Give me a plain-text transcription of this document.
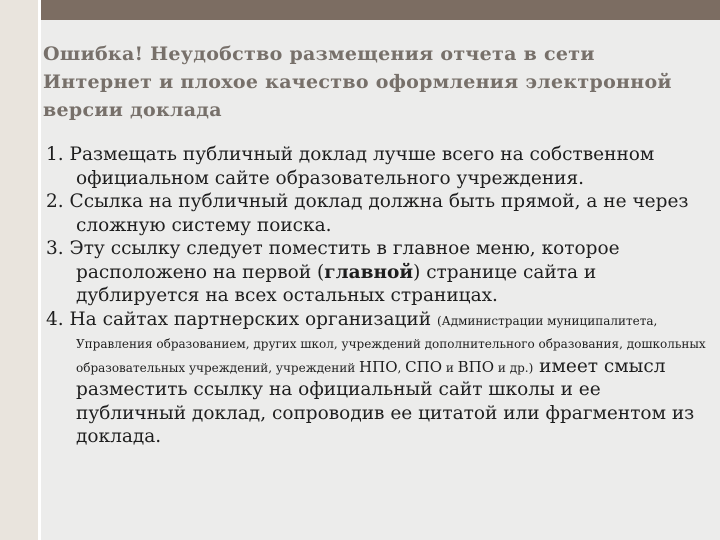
Ошибка! Неудобство размещения отчета в сети Интернет и плохое качество оформления электронной версии доклада

1. Размещать публичный доклад лучше всего на собственном официальном сайте образовательного учреждения.

2. Ссылка на публичный доклад должна быть прямой, а не через сложную систему поиска.

3. Эту ссылку следует поместить в главное меню, которое расположено на первой (главной) странице сайта и дублируется на всех остальных страницах.

4. На сайтах партнерских организаций (Администрации муниципалитета, Управления образованием, других школ, учреждений дополнительного образования, дошкольных образовательных учреждений, учреждений НПО, СПО и ВПО и др.) имеет смысл разместить ссылку на официальный сайт школы и ее публичный доклад, сопроводив ее цитатой или фрагментом из доклада.
